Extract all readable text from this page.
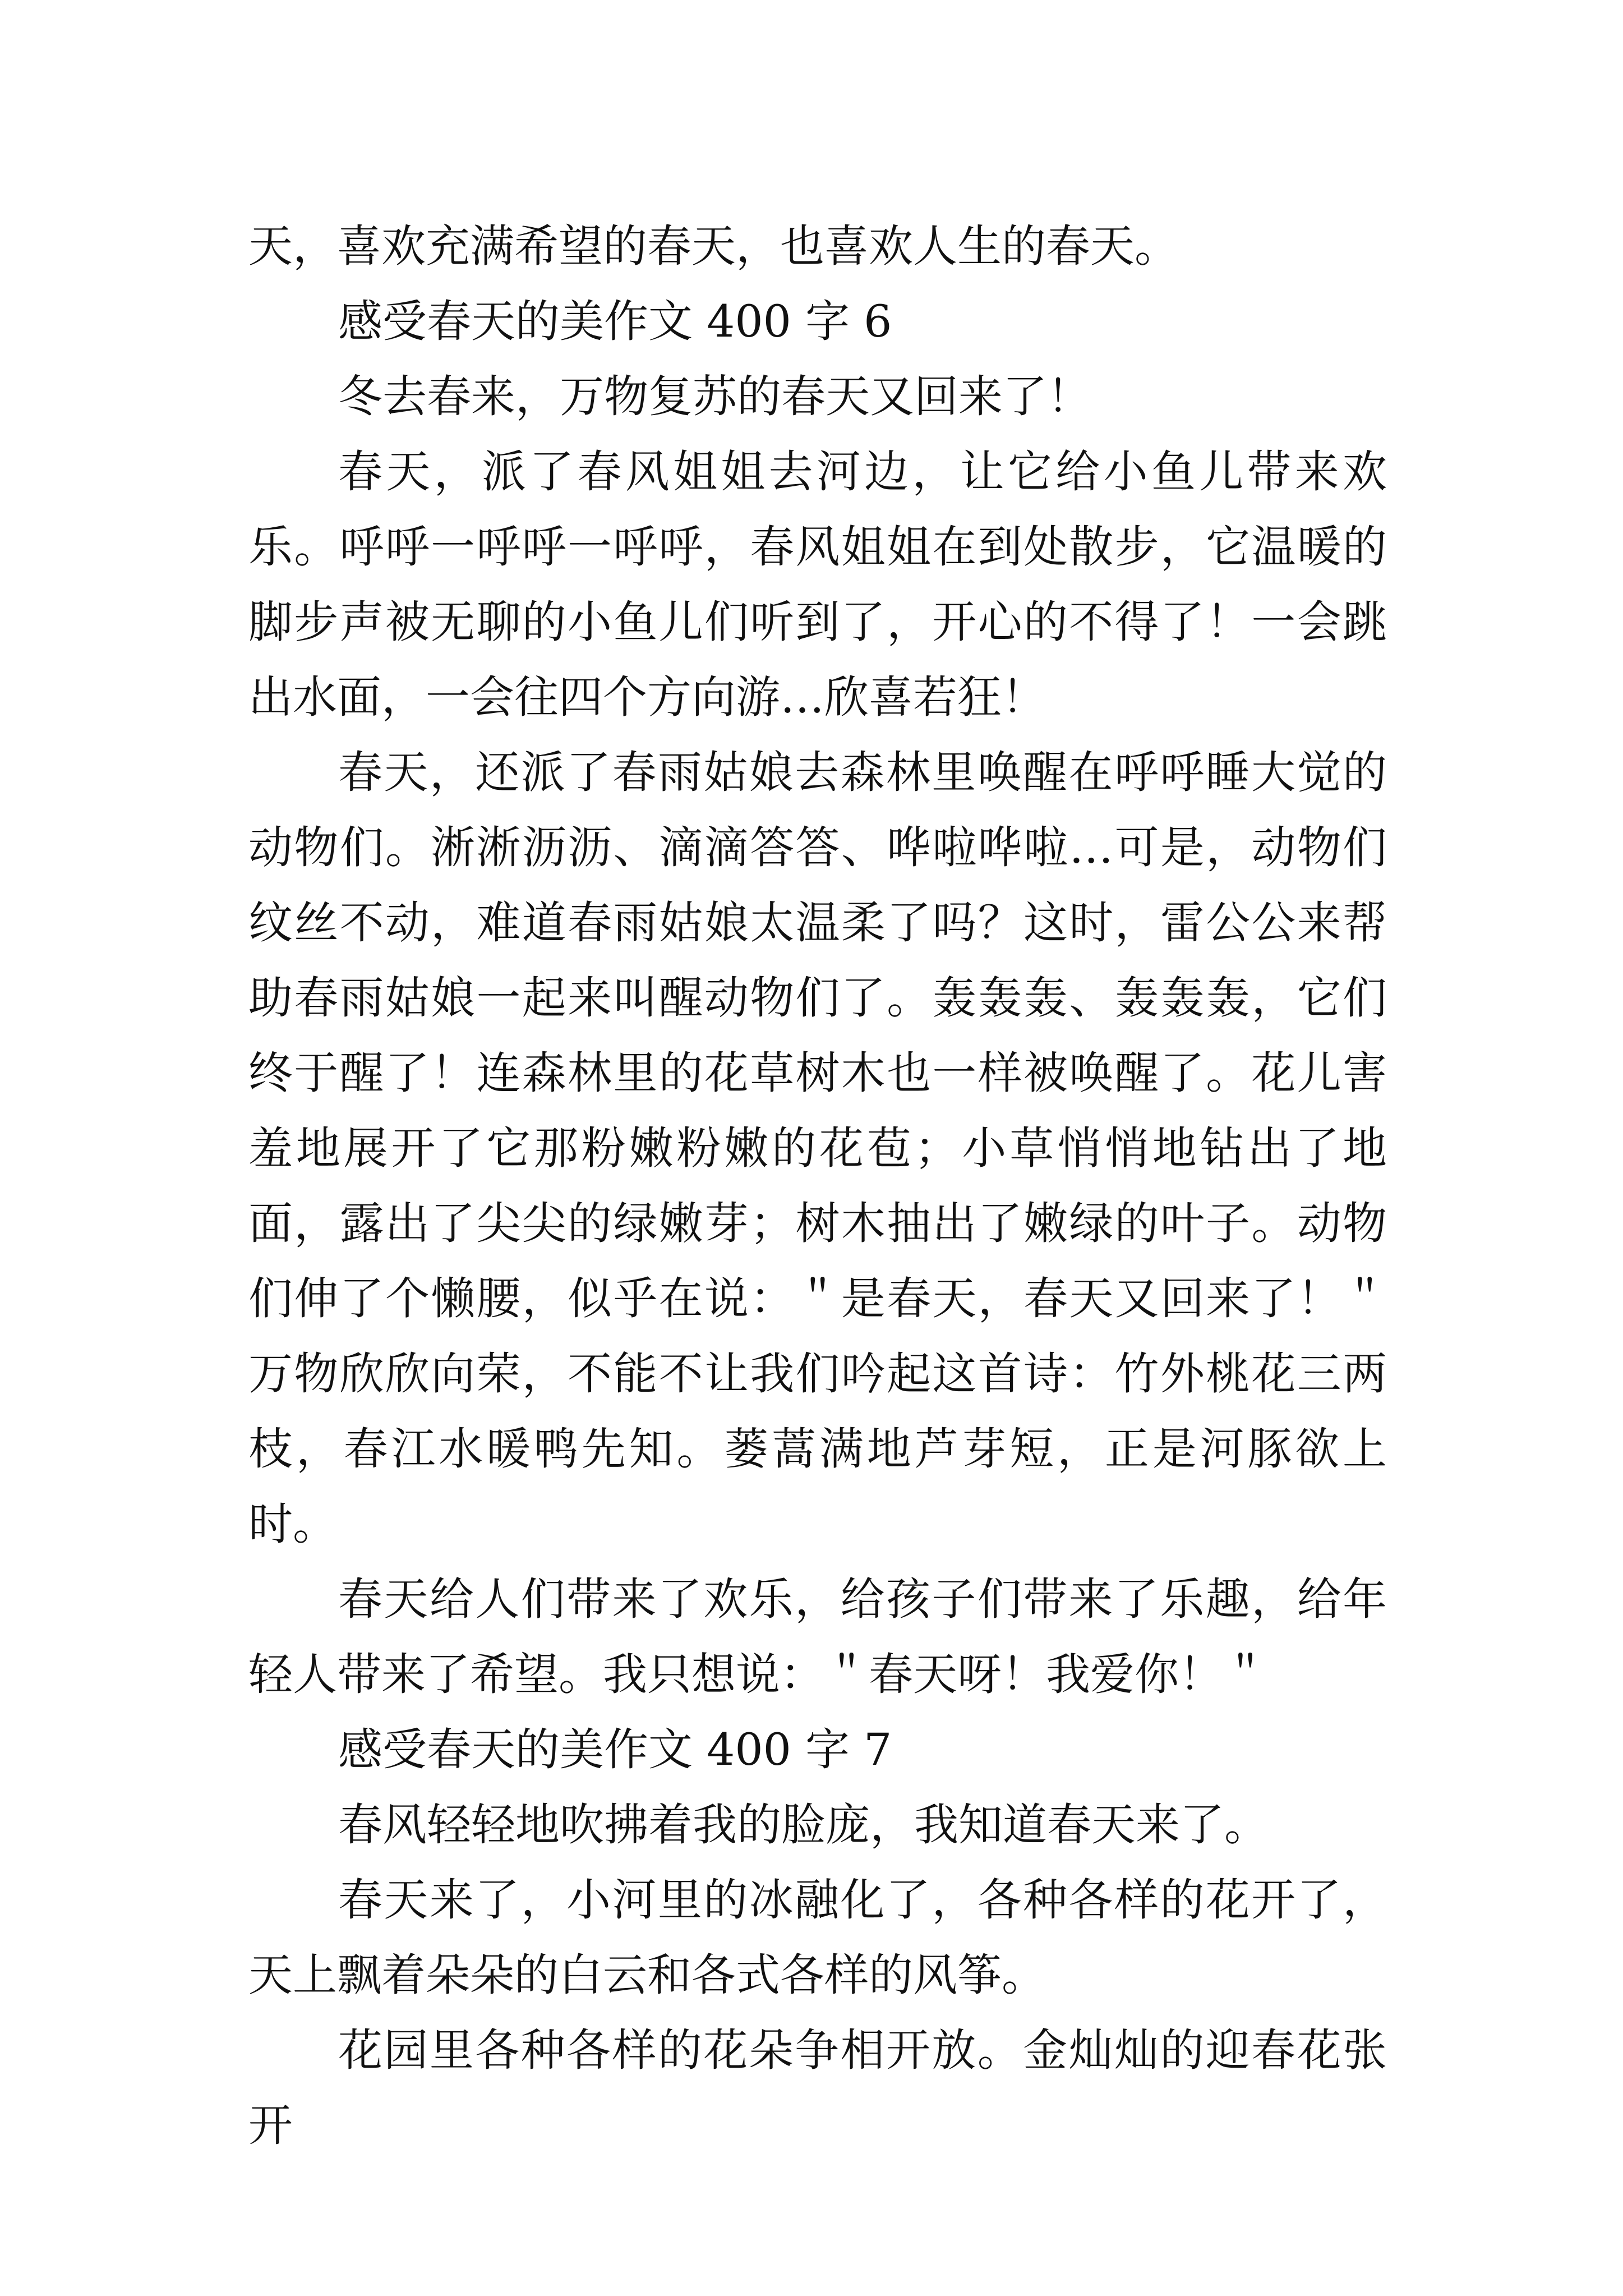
天，喜欢充满希望的春天，也喜欢人生的春天。

感受春天的美作文 400 字 6

冬去春来，万物复苏的春天又回来了！

春天，派了春风姐姐去河边，让它给小鱼儿带来欢乐。呼呼一呼呼一呼呼，春风姐姐在到处散步，它温暖的脚步声被无聊的小鱼儿们听到了，开心的不得了！一会跳出水面，一会往四个方向游…欣喜若狂！

春天，还派了春雨姑娘去森林里唤醒在呼呼睡大觉的动物们。淅淅沥沥、滴滴答答、哗啦哗啦…可是，动物们纹丝不动，难道春雨姑娘太温柔了吗？这时，雷公公来帮助春雨姑娘一起来叫醒动物们了。轰轰轰、轰轰轰，它们终于醒了！连森林里的花草树木也一样被唤醒了。花儿害羞地展开了它那粉嫩粉嫩的花苞；小草悄悄地钻出了地面，露出了尖尖的绿嫩芽；树木抽出了嫩绿的叶子。动物们伸了个懒腰，似乎在说：＂是春天，春天又回来了！＂万物欣欣向荣，不能不让我们吟起这首诗：竹外桃花三两枝，春江水暖鸭先知。蒌蒿满地芦芽短，正是河豚欲上时。

春天给人们带来了欢乐，给孩子们带来了乐趣，给年轻人带来了希望。我只想说：＂春天呀！我爱你！＂

感受春天的美作文 400 字 7

春风轻轻地吹拂着我的脸庞，我知道春天来了。

春天来了，小河里的冰融化了，各种各样的花开了，天上飘着朵朵的白云和各式各样的风筝。

花园里各种各样的花朵争相开放。金灿灿的迎春花张开
